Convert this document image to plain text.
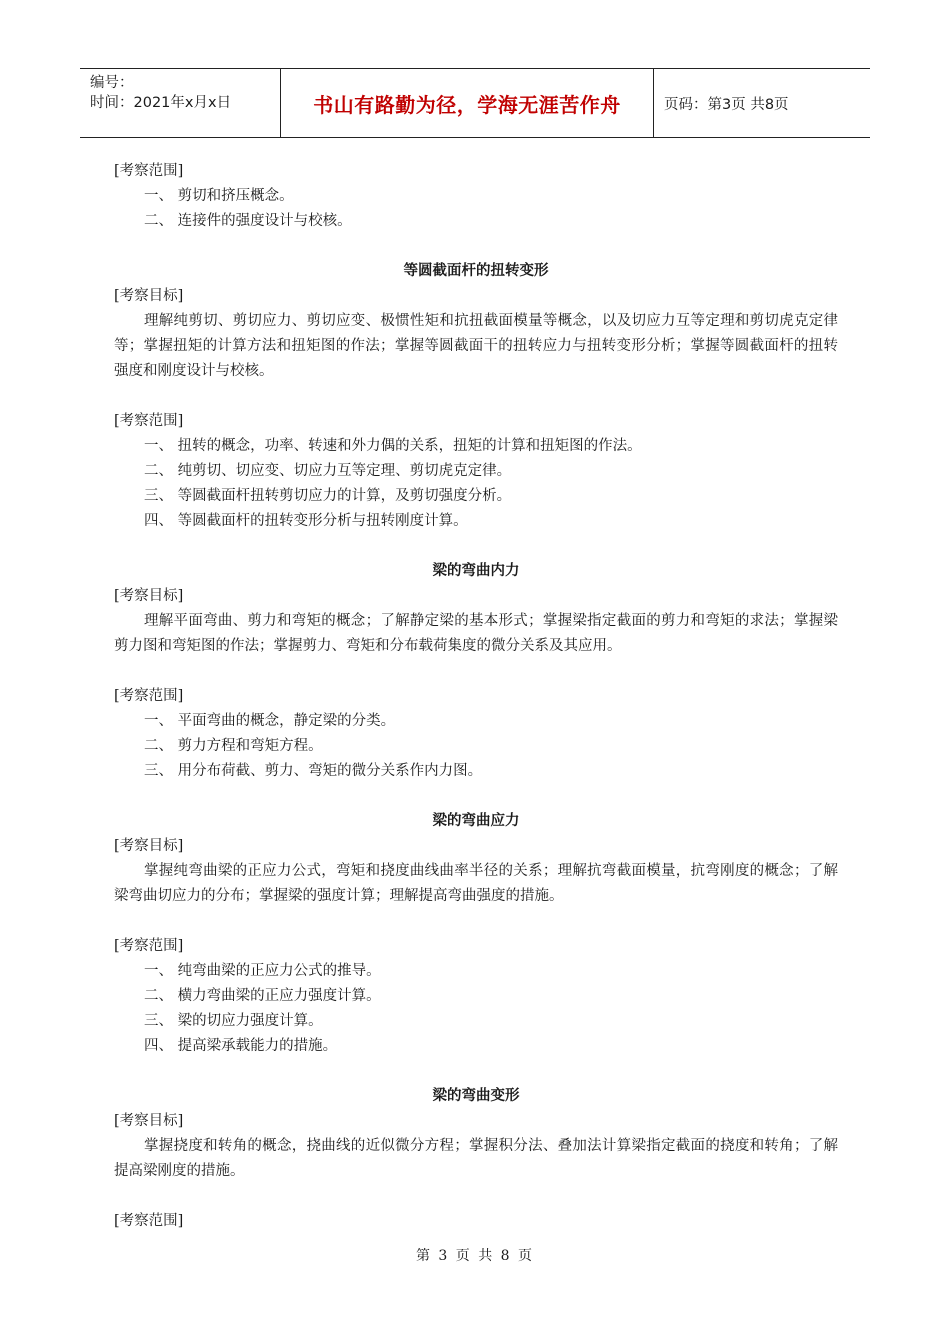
编号：
时间：2021年x月x日	书山有路勤为径，学海无涯苦作舟	页码：第3页 共8页
[考察范围]
一、 剪切和挤压概念。
二、 连接件的强度设计与校核。
等圆截面杆的扭转变形
[考察目标]
理解纯剪切、剪切应力、剪切应变、极惯性矩和抗扭截面模量等概念，以及切应力互等定理和剪切虎克定律等；掌握扭矩的计算方法和扭矩图的作法；掌握等圆截面干的扭转应力与扭转变形分析；掌握等圆截面杆的扭转强度和刚度设计与校核。
[考察范围]
一、 扭转的概念，功率、转速和外力偶的关系，扭矩的计算和扭矩图的作法。
二、 纯剪切、切应变、切应力互等定理、剪切虎克定律。
三、 等圆截面杆扭转剪切应力的计算，及剪切强度分析。
四、 等圆截面杆的扭转变形分析与扭转刚度计算。
梁的弯曲内力
[考察目标]
理解平面弯曲、剪力和弯矩的概念；了解静定梁的基本形式；掌握梁指定截面的剪力和弯矩的求法；掌握梁剪力图和弯矩图的作法；掌握剪力、弯矩和分布载荷集度的微分关系及其应用。
[考察范围]
一、 平面弯曲的概念，静定梁的分类。
二、 剪力方程和弯矩方程。
三、 用分布荷截、剪力、弯矩的微分关系作内力图。
梁的弯曲应力
[考察目标]
掌握纯弯曲梁的正应力公式，弯矩和挠度曲线曲率半径的关系；理解抗弯截面模量，抗弯刚度的概念；了解梁弯曲切应力的分布；掌握梁的强度计算；理解提高弯曲强度的措施。
[考察范围]
一、 纯弯曲梁的正应力公式的推导。
二、 横力弯曲梁的正应力强度计算。
三、 梁的切应力强度计算。
四、 提高梁承载能力的措施。
梁的弯曲变形
[考察目标]
掌握挠度和转角的概念，挠曲线的近似微分方程；掌握积分法、叠加法计算梁指定截面的挠度和转角；了解提高梁刚度的措施。
[考察范围]
第 3 页 共 8 页
